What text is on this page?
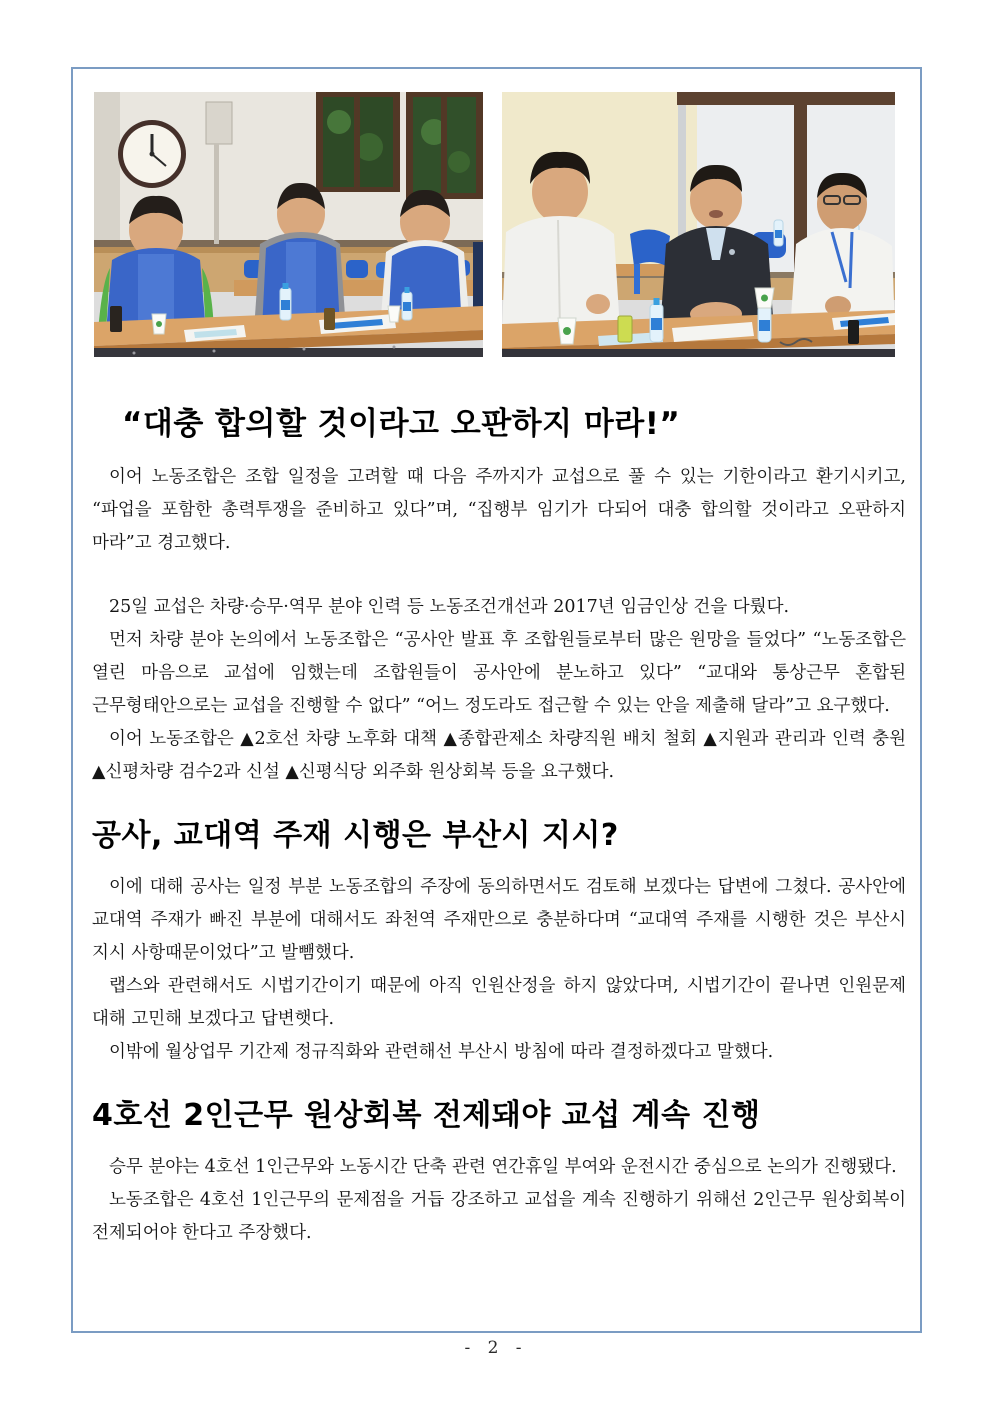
“대충 합의할 것이라고 오판하지 마라!”

이어 노동조합은 조합 일정을 고려할 때 다음 주까지가 교섭으로 풀 수 있는 기한이라고 환기시키고, “파업을 포함한 총력투쟁을 준비하고 있다”며, “집행부 임기가 다되어 대충 합의할 것이라고 오판하지 마라”고 경고했다.

25일 교섭은 차량·승무·역무 분야 인력 등 노동조건개선과 2017년 임금인상 건을 다뤘다.

먼저 차량 분야 논의에서 노동조합은 “공사안 발표 후 조합원들로부터 많은 원망을 들었다” “노동조합은 열린 마음으로 교섭에 임했는데 조합원들이 공사안에 분노하고 있다” “교대와 통상근무 혼합된 근무형태안으로는 교섭을 진행할 수 없다” “어느 정도라도 접근할 수 있는 안을 제출해 달라”고 요구했다.

이어 노동조합은 ▲2호선 차량 노후화 대책 ▲종합관제소 차량직원 배치 철회 ▲지원과 관리과 인력 충원 ▲신평차량 검수2과 신설 ▲신평식당 외주화 원상회복 등을 요구했다.

공사, 교대역 주재 시행은 부산시 지시?

이에 대해 공사는 일정 부분 노동조합의 주장에 동의하면서도 검토해 보겠다는 답변에 그쳤다. 공사안에 교대역 주재가 빠진 부분에 대해서도 좌천역 주재만으로 충분하다며 “교대역 주재를 시행한 것은 부산시 지시 사항때문이었다”고 발뺌했다.

랩스와 관련해서도 시법기간이기 때문에 아직 인원산정을 하지 않았다며, 시법기간이 끝나면 인원문제 대해 고민해 보겠다고 답변햇다.

이밖에 월상업무 기간제 정규직화와 관련해선 부산시 방침에 따라 결정하겠다고 말했다.

4호선 2인근무 원상회복 전제돼야 교섭 계속 진행

승무 분야는 4호선 1인근무와 노동시간 단축 관련 연간휴일 부여와 운전시간 중심으로 논의가 진행됐다.

노동조합은 4호선 1인근무의 문제점을 거듭 강조하고 교섭을 계속 진행하기 위해선 2인근무 원상회복이 전제되어야 한다고 주장했다.

- 2 -
